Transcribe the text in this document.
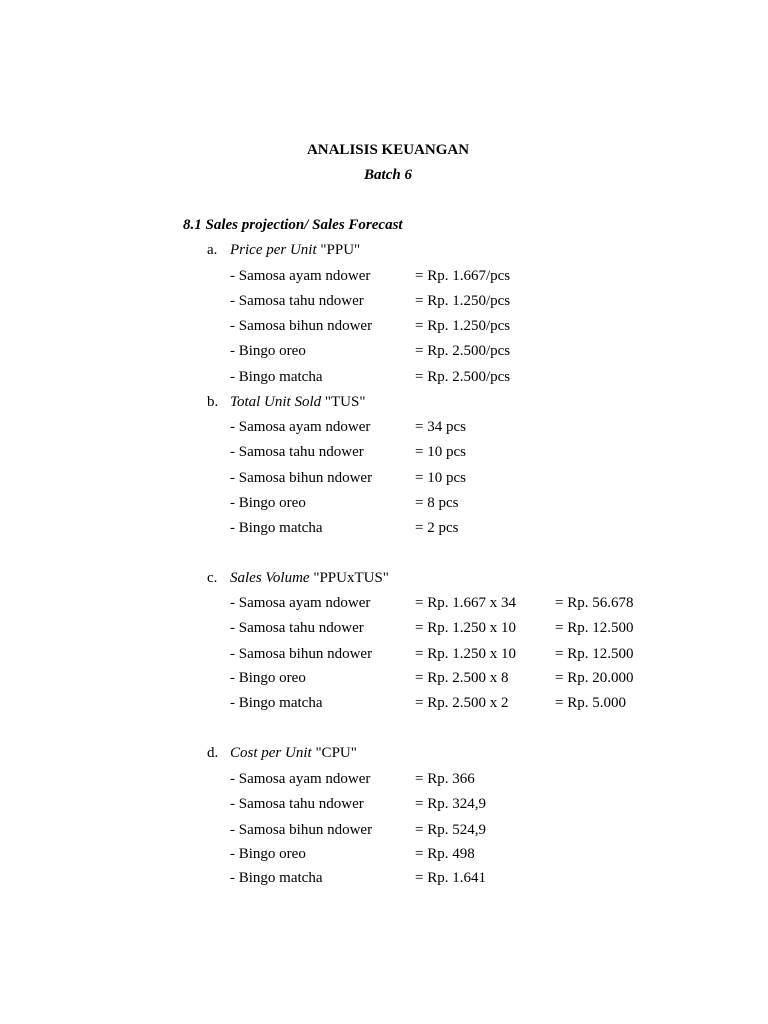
ANALISIS KEUANGAN
Batch 6
8.1 Sales projection/ Sales Forecast
a. Price per Unit "PPU"
- Samosa ayam ndower	= Rp. 1.667/pcs
- Samosa tahu ndower	= Rp. 1.250/pcs
- Samosa bihun ndower	= Rp. 1.250/pcs
- Bingo oreo	= Rp. 2.500/pcs
- Bingo matcha	= Rp. 2.500/pcs
b. Total Unit Sold "TUS"
- Samosa ayam ndower	= 34 pcs
- Samosa tahu ndower	= 10 pcs
- Samosa bihun ndower	= 10 pcs
- Bingo oreo	= 8 pcs
- Bingo matcha	= 2 pcs
c. Sales Volume "PPUxTUS"
- Samosa ayam ndower	= Rp. 1.667 x 34	= Rp. 56.678
- Samosa tahu ndower	= Rp. 1.250 x 10	= Rp. 12.500
- Samosa bihun ndower	= Rp. 1.250 x 10	= Rp. 12.500
- Bingo oreo	= Rp. 2.500 x 8	= Rp. 20.000
- Bingo matcha	= Rp. 2.500 x 2	= Rp. 5.000
d. Cost per Unit "CPU"
- Samosa ayam ndower	= Rp. 366
- Samosa tahu ndower	= Rp. 324,9
- Samosa bihun ndower	= Rp. 524,9
- Bingo oreo	= Rp. 498
- Bingo matcha	= Rp. 1.641
